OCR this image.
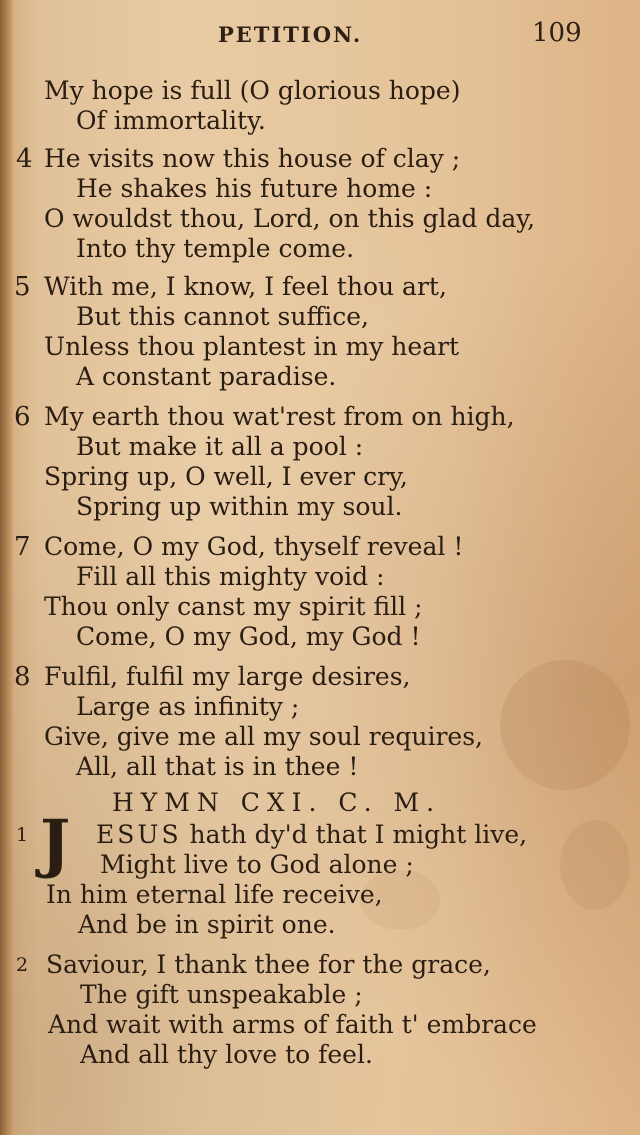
PETITION.	109
My hope is full (O glorious hope)
Of immortality.
4 He visits now this house of clay ;
He shakes his future home :
O wouldst thou, Lord, on this glad day,
Into thy temple come.
5 With me, I know, I feel thou art,
But this cannot suffice,
Unless thou plantest in my heart
A constant paradise.
6 My earth thou wat'rest from on high,
But make it all a pool :
Spring up, O well, I ever cry,
Spring up within my soul.
7 Come, O my God, thyself reveal !
Fill all this mighty void :
Thou only canst my spirit fill ;
Come, O my God, my God !
8 Fulfil, fulfil my large desires,
Large as infinity ;
Give, give me all my soul requires,
All, all that is in thee !
HYMN CXI. C. M.
1 J ESUS hath dy'd that I might live,
Might live to God alone ;
In him eternal life receive,
And be in spirit one.
2 Saviour, I thank thee for the grace,
The gift unspeakable ;
And wait with arms of faith t' embrace
And all thy love to feel.
